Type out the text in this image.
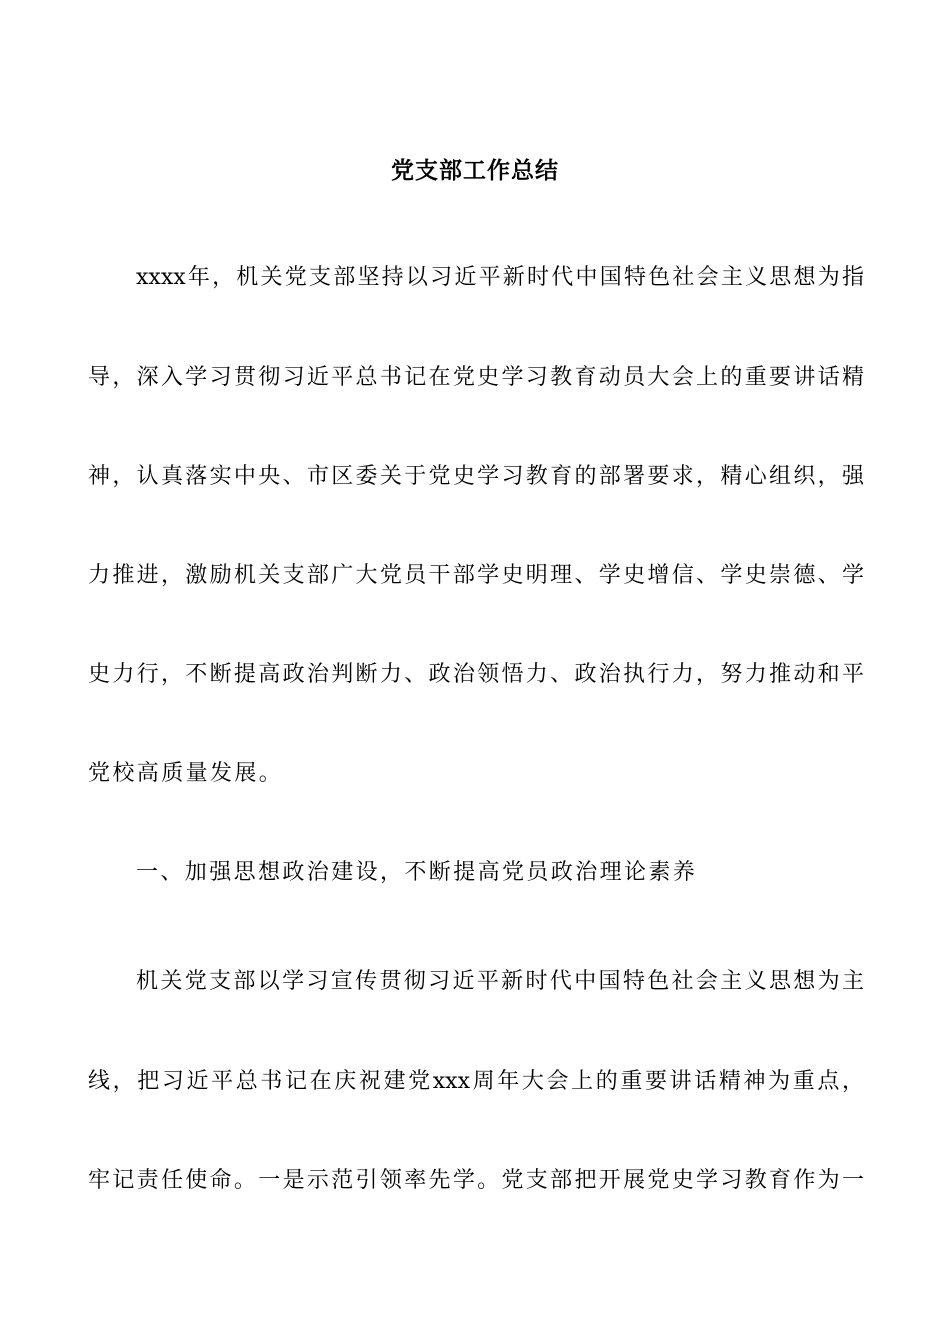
党支部工作总结
xxxx年，机关党支部坚持以习近平新时代中国特色社会主义思想为指
导，深入学习贯彻习近平总书记在党史学习教育动员大会上的重要讲话精
神，认真落实中央、市区委关于党史学习教育的部署要求，精心组织，强
力推进，激励机关支部广大党员干部学史明理、学史增信、学史崇德、学
史力行，不断提高政治判断力、政治领悟力、政治执行力，努力推动和平
党校高质量发展。
一、加强思想政治建设，不断提高党员政治理论素养
机关党支部以学习宣传贯彻习近平新时代中国特色社会主义思想为主
线，把习近平总书记在庆祝建党xxx周年大会上的重要讲话精神为重点，
牢记责任使命。一是示范引领率先学。党支部把开展党史学习教育作为一
